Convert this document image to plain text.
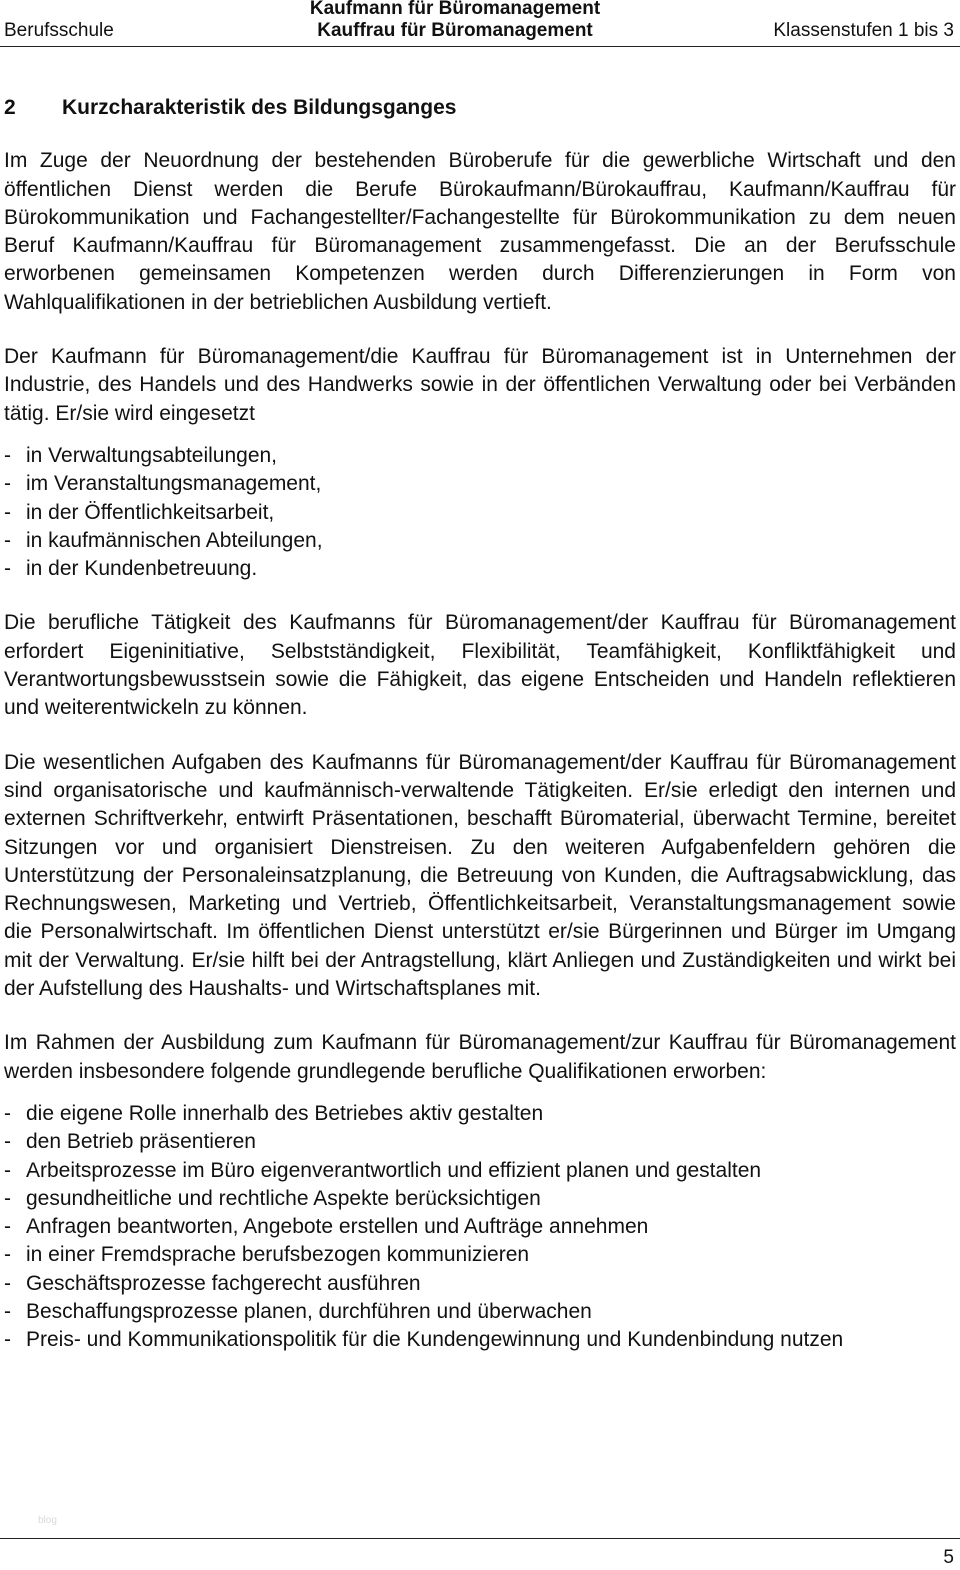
Berufsschule
Kaufmann für Büromanagement
Kauffrau für Büromanagement	Klassenstufen 1 bis 3
2	Kurzcharakteristik des Bildungsganges

Im Zuge der Neuordnung der bestehenden Büroberufe für die gewerbliche Wirtschaft und den öffentlichen Dienst werden die Berufe Bürokaufmann/Bürokauffrau, Kaufmann/Kauffrau für Bürokommunikation und Fachangestellter/Fachangestellte für Bürokommunikation zu dem neuen Beruf Kaufmann/Kauffrau für Büromanagement zusammengefasst. Die an der Berufsschule erworbenen gemeinsamen Kompetenzen werden durch Differenzierungen in Form von Wahlqualifikationen in der betrieblichen Ausbildung vertieft.

Der Kaufmann für Büromanagement/die Kauffrau für Büromanagement ist in Unternehmen der Industrie, des Handels und des Handwerks sowie in der öffentlichen Verwaltung oder bei Verbänden tätig. Er/sie wird eingesetzt

- in Verwaltungsabteilungen,
- im Veranstaltungsmanagement,
- in der Öffentlichkeitsarbeit,
- in kaufmännischen Abteilungen,
- in der Kundenbetreuung.

Die berufliche Tätigkeit des Kaufmanns für Büromanagement/der Kauffrau für Büromanagement erfordert Eigeninitiative, Selbstständigkeit, Flexibilität, Teamfähigkeit, Konfliktfähigkeit und Verantwortungsbewusstsein sowie die Fähigkeit, das eigene Entscheiden und Handeln reflektieren und weiterentwickeln zu können.

Die wesentlichen Aufgaben des Kaufmanns für Büromanagement/der Kauffrau für Büromanagement sind organisatorische und kaufmännisch-verwaltende Tätigkeiten. Er/sie erledigt den internen und externen Schriftverkehr, entwirft Präsentationen, beschafft Büromaterial, überwacht Termine, bereitet Sitzungen vor und organisiert Dienstreisen. Zu den weiteren Aufgabenfeldern gehören die Unterstützung der Personaleinsatzplanung, die Betreuung von Kunden, die Auftragsabwicklung, das Rechnungswesen, Marketing und Vertrieb, Öffentlichkeitsarbeit, Veranstaltungsmanagement sowie die Personalwirtschaft. Im öffentlichen Dienst unterstützt er/sie Bürgerinnen und Bürger im Umgang mit der Verwaltung. Er/sie hilft bei der Antragstellung, klärt Anliegen und Zuständigkeiten und wirkt bei der Aufstellung des Haushalts- und Wirtschaftsplanes mit.

Im Rahmen der Ausbildung zum Kaufmann für Büromanagement/zur Kauffrau für Büromanagement werden insbesondere folgende grundlegende berufliche Qualifikationen erworben:

- die eigene Rolle innerhalb des Betriebes aktiv gestalten
- den Betrieb präsentieren
- Arbeitsprozesse im Büro eigenverantwortlich und effizient planen und gestalten
- gesundheitliche und rechtliche Aspekte berücksichtigen
- Anfragen beantworten, Angebote erstellen und Aufträge annehmen
- in einer Fremdsprache berufsbezogen kommunizieren
- Geschäftsprozesse fachgerecht ausführen
- Beschaffungsprozesse planen, durchführen und überwachen
- Preis- und Kommunikationspolitik für die Kundengewinnung und Kundenbindung nutzen
blog
5
